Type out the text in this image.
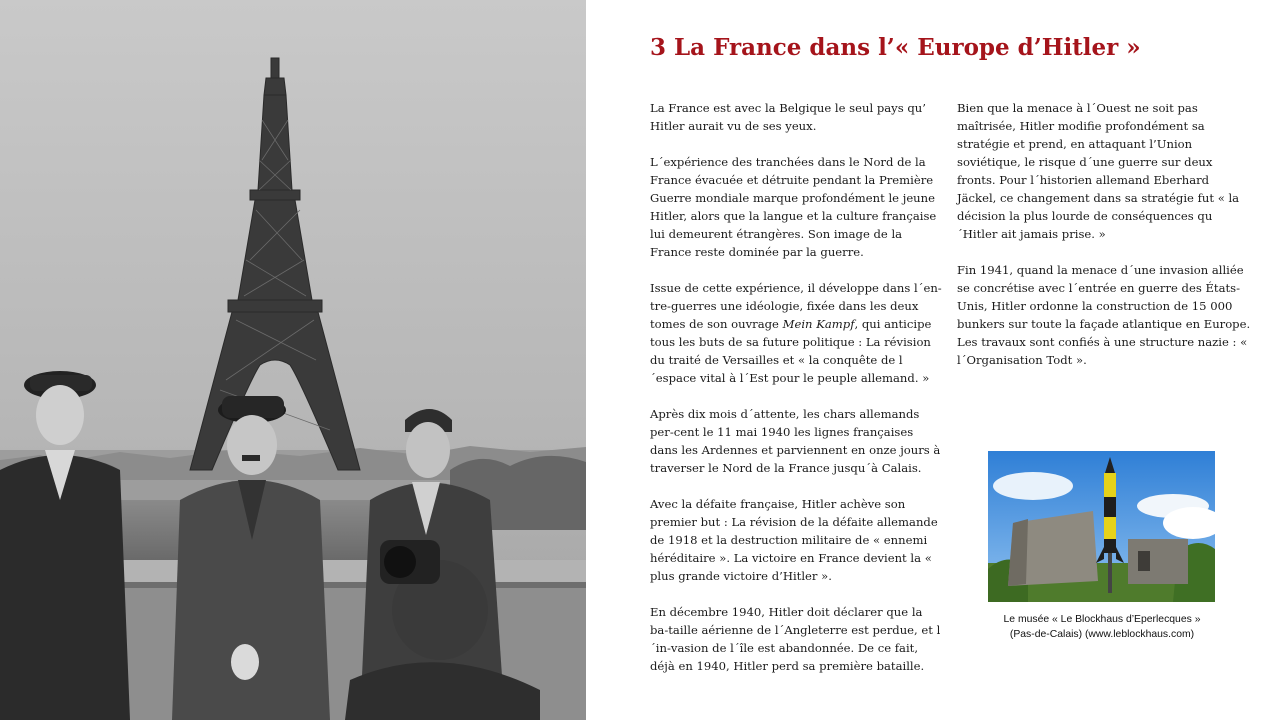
3 La France dans l’« Europe d’Hitler »

La France est avec la Belgique le seul pays qu’ Hitler aurait vu de ses yeux.

L´expérience des tranchées dans le Nord de la France évacuée et détruite pendant la Première Guerre mondiale marque profondément le jeune Hitler, alors que la langue et la culture française lui demeurent étrangères. Son image de la France reste dominée par la guerre.

Issue de cette expérience, il développe dans l´en-tre-guerres une idéologie, fixée dans les deux tomes de son ouvrage Mein Kampf, qui anticipe tous les buts de sa future politique : La révision du traité de Versailles et « la conquête de l´espace vital à l´Est pour le peuple allemand. »

Après dix mois d´attente, les chars allemands per-cent le 11 mai 1940 les lignes françaises dans les Ardennes et parviennent en onze jours à traverser le Nord de la France jusqu´à Calais.

Avec la défaite française, Hitler achève son premier but : La révision de la défaite allemande de 1918 et la destruction militaire de « ennemi héréditaire ». La victoire en France devient la « plus grande victoire d’Hitler ».

En décembre 1940, Hitler doit déclarer que la ba-taille aérienne de l´Angleterre est perdue, et l´in-vasion de l´île est abandonnée. De ce fait, déjà en 1940, Hitler perd sa première bataille.

Bien que la menace à l´Ouest ne soit pas maîtrisée, Hitler modifie profondément sa stratégie et prend, en attaquant l’Union soviétique, le risque d´une guerre sur deux fronts. Pour l´historien allemand Eberhard Jäckel, ce changement dans sa stratégie fut « la décision la plus lourde de conséquences qu´Hitler ait jamais prise. »

Fin 1941, quand la menace d´une invasion alliée se concrétise avec l´entrée en guerre des États-Unis, Hitler ordonne la construction de 15 000 bunkers sur toute la façade atlantique en Europe. Les travaux sont confiés à une structure nazie : « l´Organisation Todt ».

Le musée « Le Blockhaus d’Eperlecques »
(Pas-de-Calais) (www.leblockhaus.com)
